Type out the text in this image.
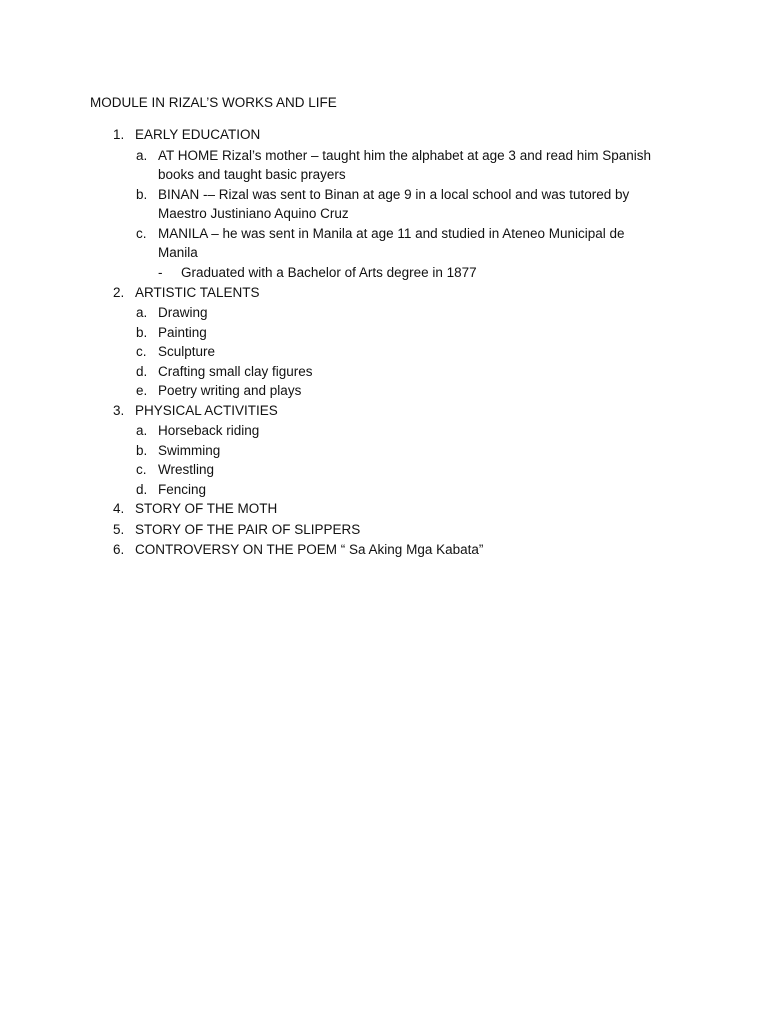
MODULE IN RIZAL’S WORKS AND LIFE
1. EARLY EDUCATION
a. AT HOME Rizal’s mother – taught him the alphabet at age 3 and read him Spanish books and taught basic prayers
b. BINAN -– Rizal was sent to Binan at age 9 in a local school and was tutored by Maestro Justiniano Aquino Cruz
c. MANILA – he was sent in Manila at age 11 and studied in Ateneo Municipal de Manila
- Graduated with a Bachelor of Arts degree in 1877
2. ARTISTIC TALENTS
a. Drawing
b. Painting
c. Sculpture
d. Crafting small clay figures
e. Poetry writing and plays
3. PHYSICAL ACTIVITIES
a. Horseback riding
b. Swimming
c. Wrestling
d. Fencing
4. STORY OF THE MOTH
5. STORY OF THE PAIR OF SLIPPERS
6. CONTROVERSY ON THE POEM “ Sa Aking Mga Kabata”
